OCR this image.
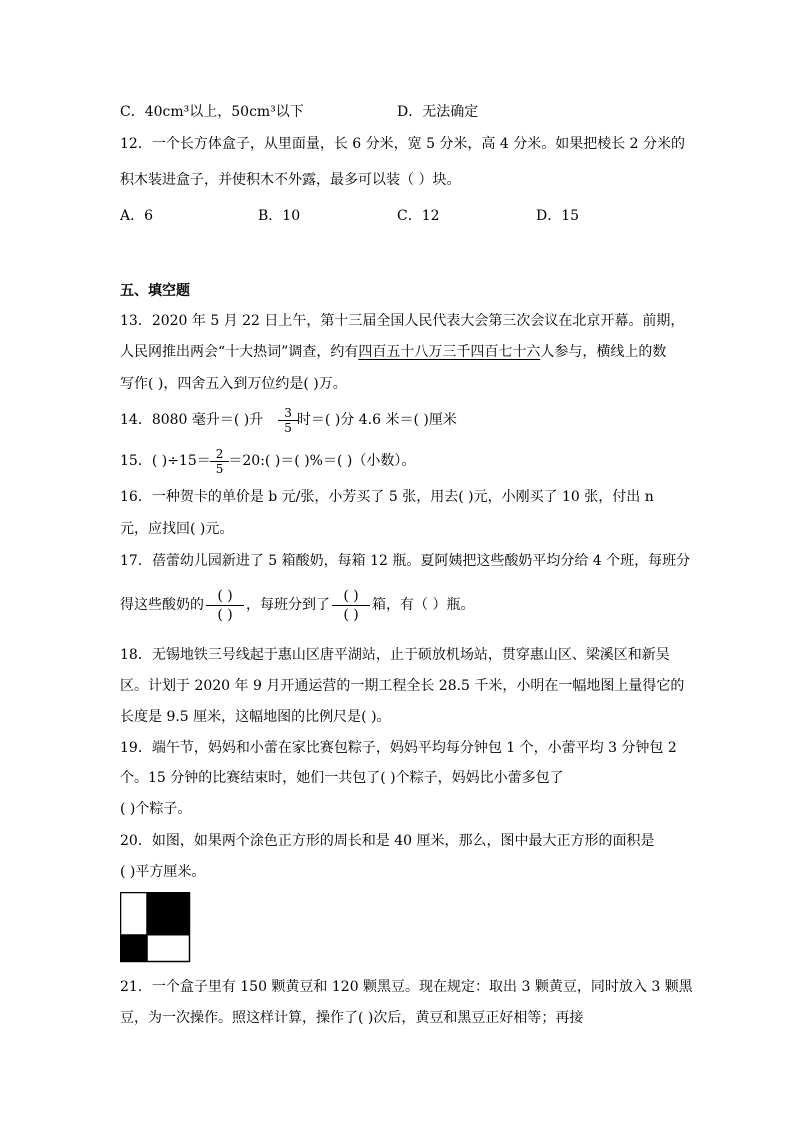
C．40cm³以上，50cm³以下	D．无法确定
12．一个长方体盒子，从里面量，长 6 分米，宽 5 分米，高 4 分米。如果把棱长 2 分米的
积木装进盒子，并使积木不外露，最多可以装（ ）块。
A．6	B．10	C．12	D．15
五、填空题
13．2020 年 5 月 22 日上午，第十三届全国人民代表大会第三次会议在北京开幕。前期，
人民网推出两会“十大热词”调查，约有四百五十八万三千四百七十六人参与，横线上的数
写作( )，四舍五入到万位约是( )万。
14．8080 毫升＝( )升 $\frac{3}{5}$ 时＝( )分 4.6 米＝( )厘米
15．( )$\div 15= \frac{2}{5}$ ＝20:( )＝( )%＝( )（小数）。
16．一种贺卡的单价是 b 元/张，小芳买了 5 张，用去( )元，小刚买了 10 张，付出 n
元，应找回( )元。
17．蓓蕾幼儿园新进了 5 箱酸奶，每箱 12 瓶。夏阿姨把这些酸奶平均分给 4 个班，每班分
得这些酸奶的
( )
( )
，每班分到了
( )
( )
箱，有（ ）瓶。
18．无锡地铁三号线起于惠山区唐平湖站，止于硕放机场站，贯穿惠山区、梁溪区和新吴
区。计划于 2020 年 9 月开通运营的一期工程全长 28.5 千米，小明在一幅地图上量得它的
长度是 9.5 厘米，这幅地图的比例尺是( )。
19．端午节，妈妈和小蕾在家比赛包粽子，妈妈平均每分钟包 1 个，小蕾平均 3 分钟包 2
个。15 分钟的比赛结束时，她们一共包了( )个粽子，妈妈比小蕾多包了
( )个粽子。
20．如图，如果两个涂色正方形的周长和是 40 厘米，那么，图中最大正方形的面积是
( )平方厘米。
21．一个盒子里有 150 颗黄豆和 120 颗黑豆。现在规定：取出 3 颗黄豆，同时放入 3 颗黑
豆，为一次操作。照这样计算，操作了( )次后，黄豆和黑豆正好相等；再接
